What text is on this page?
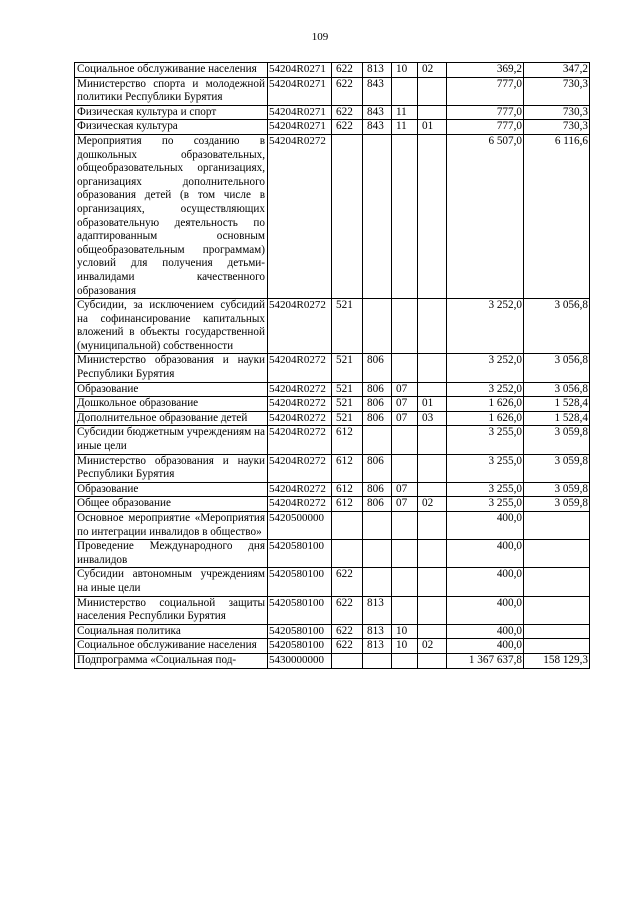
109
Социальное обслуживание населения	54204R0271	622	813	10	02	369,2	347,2
Министерство спорта и молодежной политики Республики Бурятия	54204R0271	622	843			777,0	730,3
Физическая культура и спорт	54204R0271	622	843	11		777,0	730,3
Физическая культура	54204R0271	622	843	11	01	777,0	730,3
Мероприятия по созданию в дошкольных образовательных, общеобразовательных организациях, организациях дополнительного образования детей (в том числе в организациях, осуществляющих образовательную деятельность по адаптированным основным общеобразовательным программам) условий для получения детьми-инвалидами качественного образования	54204R0272					6 507,0	6 116,6
Субсидии, за исключением субсидий на софинансирование капитальных вложений в объекты государственной (муниципальной) собственности	54204R0272	521				3 252,0	3 056,8
Министерство образования и науки Республики Бурятия	54204R0272	521	806			3 252,0	3 056,8
Образование	54204R0272	521	806	07		3 252,0	3 056,8
Дошкольное образование	54204R0272	521	806	07	01	1 626,0	1 528,4
Дополнительное образование детей	54204R0272	521	806	07	03	1 626,0	1 528,4
Субсидии бюджетным учреждениям на иные цели	54204R0272	612				3 255,0	3 059,8
Министерство образования и науки Республики Бурятия	54204R0272	612	806			3 255,0	3 059,8
Образование	54204R0272	612	806	07		3 255,0	3 059,8
Общее образование	54204R0272	612	806	07	02	3 255,0	3 059,8
Основное мероприятие «Мероприятия по интеграции инвалидов в общество»	5420500000					400,0	
Проведение Международного дня инвалидов	5420580100					400,0	
Субсидии автономным учреждениям на иные цели	5420580100	622				400,0	
Министерство социальной защиты населения Республики Бурятия	5420580100	622	813			400,0	
Социальная политика	5420580100	622	813	10		400,0	
Социальное обслуживание населения	5420580100	622	813	10	02	400,0	
Подпрограмма «Социальная под-	5430000000					1 367 637,8	158 129,3
